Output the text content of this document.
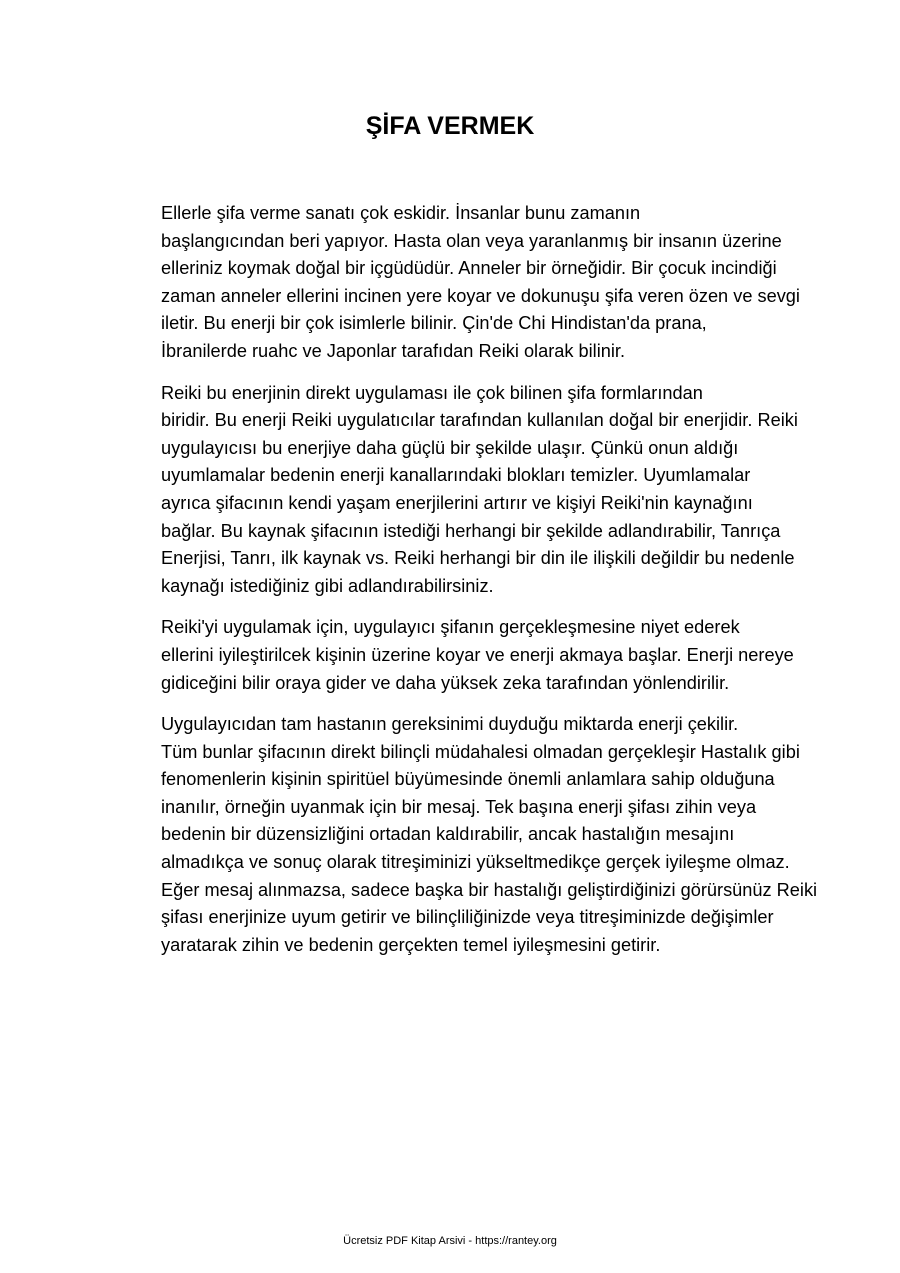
ŞİFA VERMEK

Ellerle şifa verme sanatı çok eskidir. İnsanlar bunu zamanın
başlangıcından beri yapıyor. Hasta olan veya yaranlanmış bir insanın üzerine
elleriniz koymak doğal bir içgüdüdür. Anneler bir örneğidir. Bir çocuk incindiği
zaman anneler ellerini incinen yere koyar ve dokunuşu şifa veren özen ve sevgi
iletir. Bu enerji bir çok isimlerle bilinir. Çin'de Chi Hindistan'da prana,
İbranilerde ruahc ve Japonlar tarafıdan Reiki olarak bilinir.

Reiki bu enerjinin direkt uygulaması ile çok bilinen şifa formlarından
biridir. Bu enerji Reiki uygulatıcılar tarafından kullanılan doğal bir enerjidir. Reiki
uygulayıcısı bu enerjiye daha güçlü bir şekilde ulaşır. Çünkü onun aldığı
uyumlamalar bedenin enerji kanallarındaki blokları temizler. Uyumlamalar
ayrıca şifacının kendi yaşam enerjilerini artırır ve kişiyi Reiki'nin kaynağını
bağlar. Bu kaynak şifacının istediği herhangi bir şekilde adlandırabilir, Tanrıça
Enerjisi, Tanrı, ilk kaynak vs. Reiki herhangi bir din ile ilişkili değildir bu nedenle
kaynağı istediğiniz gibi adlandırabilirsiniz.

Reiki'yi uygulamak için, uygulayıcı şifanın gerçekleşmesine niyet ederek
ellerini iyileştirilcek kişinin üzerine koyar ve enerji akmaya başlar. Enerji nereye
gidiceğini bilir oraya gider ve daha yüksek zeka tarafından yönlendirilir.

Uygulayıcıdan tam hastanın gereksinimi duyduğu miktarda enerji çekilir.
Tüm bunlar şifacının direkt bilinçli müdahalesi olmadan gerçekleşir Hastalık gibi
fenomenlerin kişinin spiritüel büyümesinde önemli anlamlara sahip olduğuna
inanılır, örneğin uyanmak için bir mesaj. Tek başına enerji şifası zihin veya
bedenin bir düzensizliğini ortadan kaldırabilir, ancak hastalığın mesajını
almadıkça ve sonuç olarak titreşiminizi yükseltmedikçe gerçek iyileşme olmaz.
Eğer mesaj alınmazsa, sadece başka bir hastalığı geliştirdiğinizi görürsünüz Reiki
şifası enerjinize uyum getirir ve bilinçliliğinizde veya titreşiminizde değişimler
yaratarak zihin ve bedenin gerçekten temel iyileşmesini getirir.

Ücretsiz PDF Kitap Arsivi - https://rantey.org
